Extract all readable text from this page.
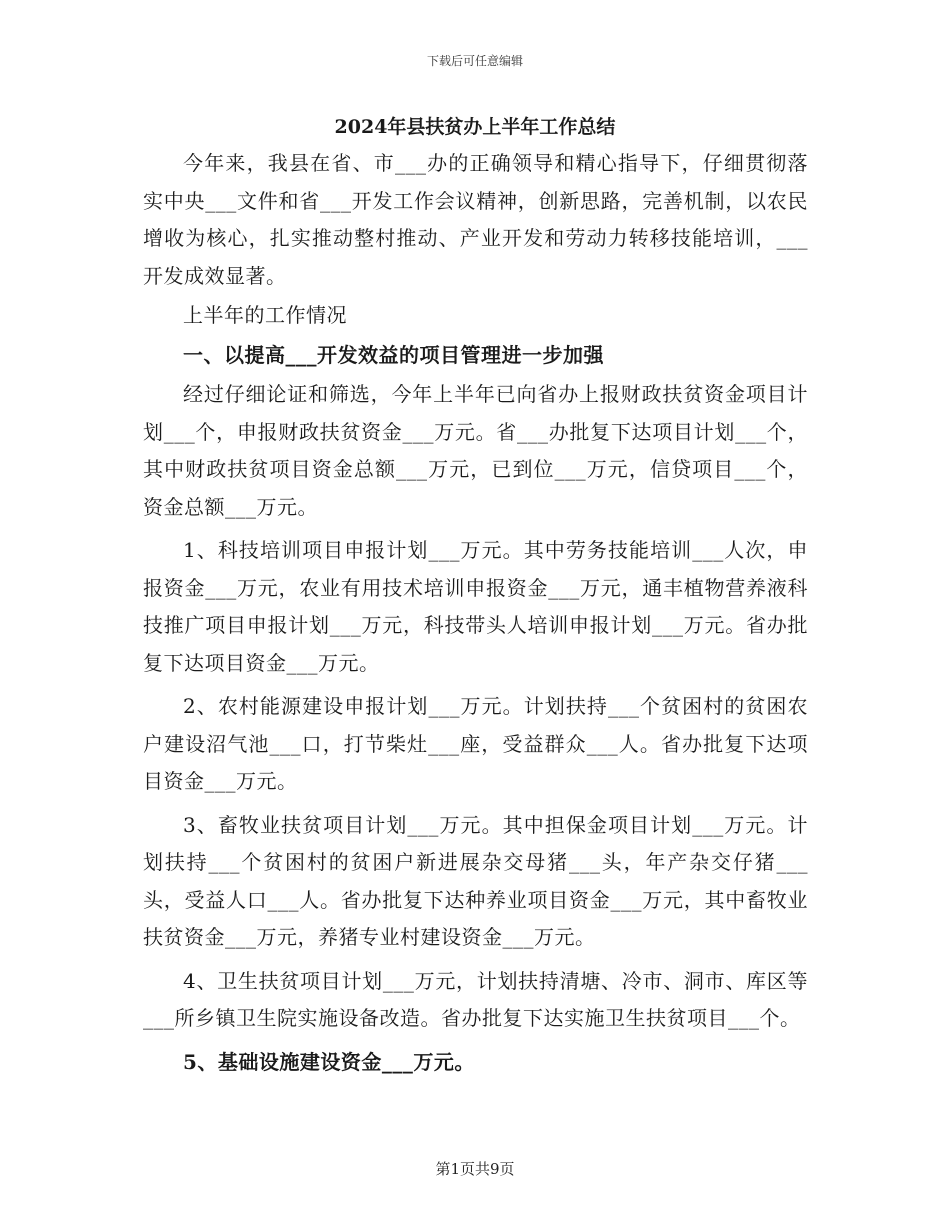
下载后可任意编辑
2024年县扶贫办上半年工作总结

今年来，我县在省、市___办的正确领导和精心指导下，仔细贯彻落实中央___文件和省___开发工作会议精神，创新思路，完善机制，以农民增收为核心，扎实推动整村推动、产业开发和劳动力转移技能培训，___开发成效显著。

上半年的工作情况

一、以提高___开发效益的项目管理进一步加强

经过仔细论证和筛选，今年上半年已向省办上报财政扶贫资金项目计划___个，申报财政扶贫资金___万元。省___办批复下达项目计划___个，其中财政扶贫项目资金总额___万元，已到位___万元，信贷项目___个，资金总额___万元。

1、科技培训项目申报计划___万元。其中劳务技能培训___人次，申报资金___万元，农业有用技术培训申报资金___万元，通丰植物营养液科技推广项目申报计划___万元，科技带头人培训申报计划___万元。省办批复下达项目资金___万元。

2、农村能源建设申报计划___万元。计划扶持___个贫困村的贫困农户建设沼气池___口，打节柴灶___座，受益群众___人。省办批复下达项目资金___万元。

3、畜牧业扶贫项目计划___万元。其中担保金项目计划___万元。计划扶持___个贫困村的贫困户新进展杂交母猪___头，年产杂交仔猪___头，受益人口___人。省办批复下达种养业项目资金___万元，其中畜牧业扶贫资金___万元，养猪专业村建设资金___万元。

4、卫生扶贫项目计划___万元，计划扶持清塘、冷市、洞市、库区等___所乡镇卫生院实施设备改造。省办批复下达实施卫生扶贫项目___个。

5、基础设施建设资金___万元。

第1页共9页
